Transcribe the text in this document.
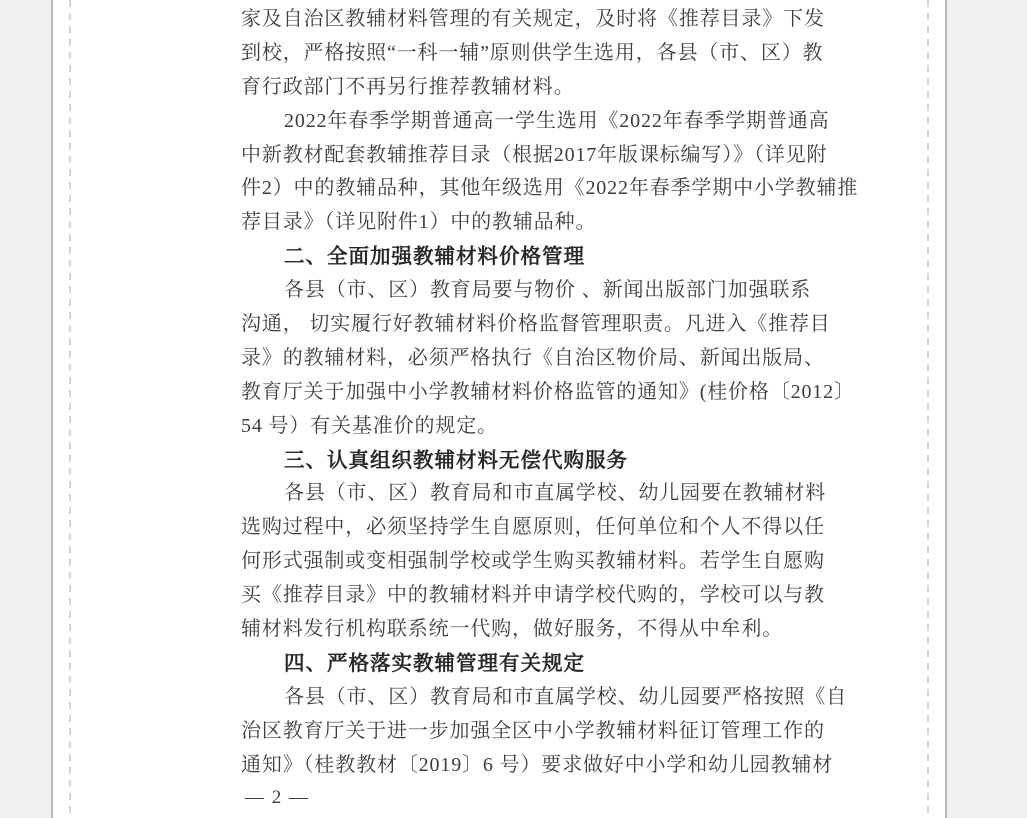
家及自治区教辅材料管理的有关规定，及时将《推荐目录》下发
到校，严格按照“一科一辅”原则供学生选用，各县（市、区）教
育行政部门不再另行推荐教辅材料。
2022年春季学期普通高一学生选用《2022年春季学期普通高
中新教材配套教辅推荐目录（根据2017年版课标编写）》（详见附
件2）中的教辅品种，其他年级选用《2022年春季学期中小学教辅推
荐目录》（详见附件1）中的教辅品种。
二、全面加强教辅材料价格管理
各县（市、区）教育局要与物价 、新闻出版部门加强联系
沟通， 切实履行好教辅材料价格监督管理职责。凡进入《推荐目
录》的教辅材料，必须严格执行《自治区物价局、新闻出版局、
教育厅关于加强中小学教辅材料价格监管的通知》(桂价格〔2012〕
54 号）有关基准价的规定。
三、认真组织教辅材料无偿代购服务
各县（市、区）教育局和市直属学校、幼儿园要在教辅材料
选购过程中，必须坚持学生自愿原则，任何单位和个人不得以任
何形式强制或变相强制学校或学生购买教辅材料。若学生自愿购
买《推荐目录》中的教辅材料并申请学校代购的，学校可以与教
辅材料发行机构联系统一代购，做好服务，不得从中牟利。
四、严格落实教辅管理有关规定
各县（市、区）教育局和市直属学校、幼儿园要严格按照《自
治区教育厅关于进一步加强全区中小学教辅材料征订管理工作的
通知》（桂教教材〔2019〕6 号）要求做好中小学和幼儿园教辅材
— 2 —
